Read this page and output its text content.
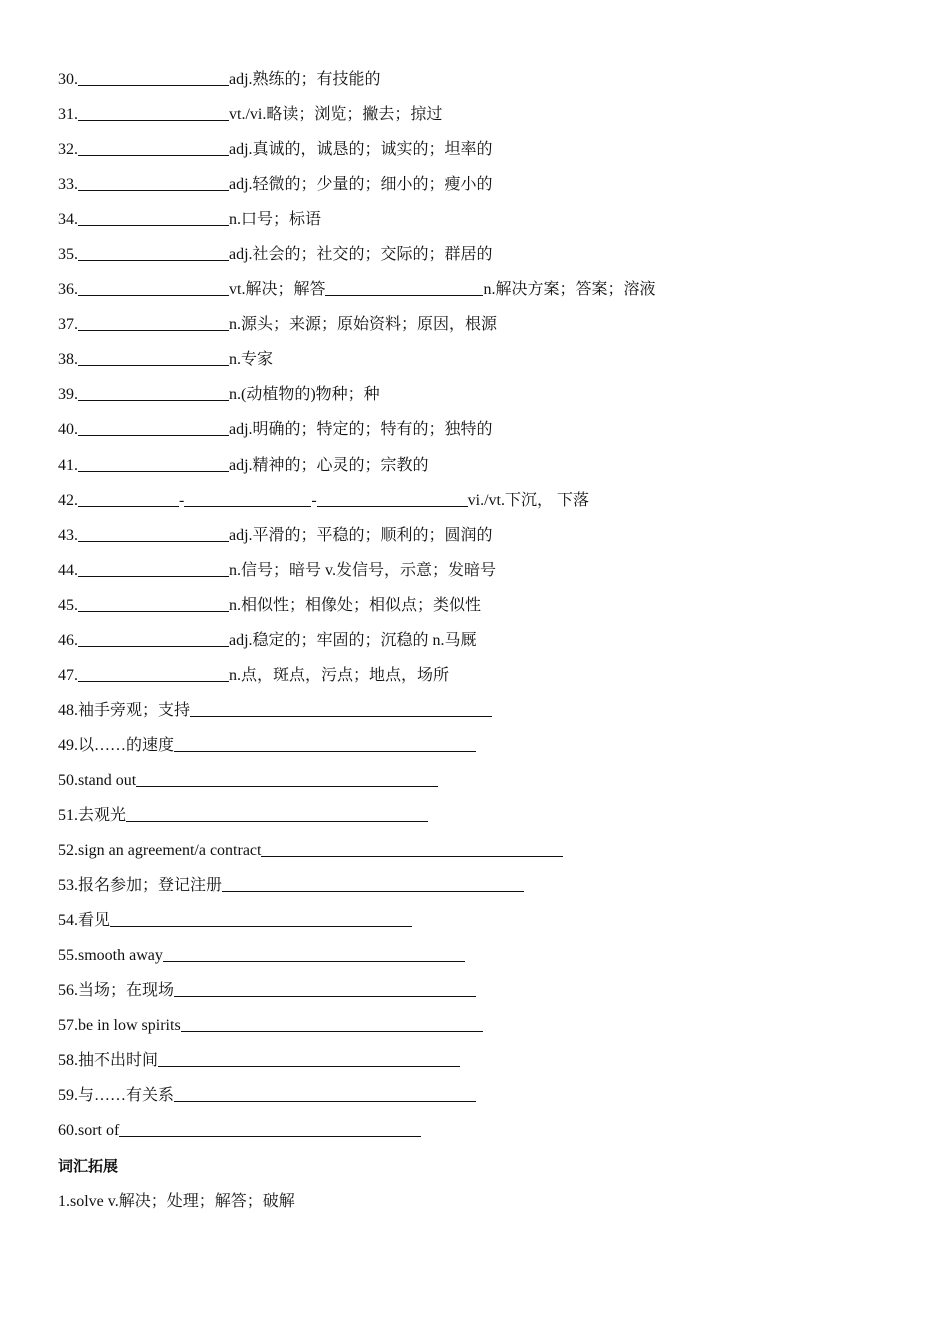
30.	adj.熟练的；有技能的
31.	vt./vi.略读；浏览；撇去；掠过
32.	adj.真诚的，诚恳的；诚实的；坦率的
33.	adj.轻微的；少量的；细小的；瘦小的
34.	n.口号；标语
35.	adj.社会的；社交的；交际的；群居的
36.	vt.解决；解答	n.解决方案；答案；溶液
37.	n.源头；来源；原始资料；原因，根源
38.	n.专家
39.	n.(动植物的)物种；种
40.	adj.明确的；特定的；特有的；独特的
41.	adj.精神的；心灵的；宗教的
42.	-	-	vi./vt.下沉， 下落
43.	adj.平滑的；平稳的；顺利的；圆润的
44.	n.信号；暗号 v.发信号，示意；发暗号
45.	n.相似性；相像处；相似点；类似性
46.	adj.稳定的；牢固的；沉稳的 n.马厩
47.	n.点，斑点，污点；地点，场所
48.袖手旁观；支持
49.以……的速度
50.stand out
51.去观光
52.sign an agreement/a contract
53.报名参加；登记注册
54.看见
55.smooth away
56.当场；在现场
57.be in low spirits
58.抽不出时间
59.与……有关系
60.sort of
词汇拓展
1.solve v.解决；处理；解答；破解
